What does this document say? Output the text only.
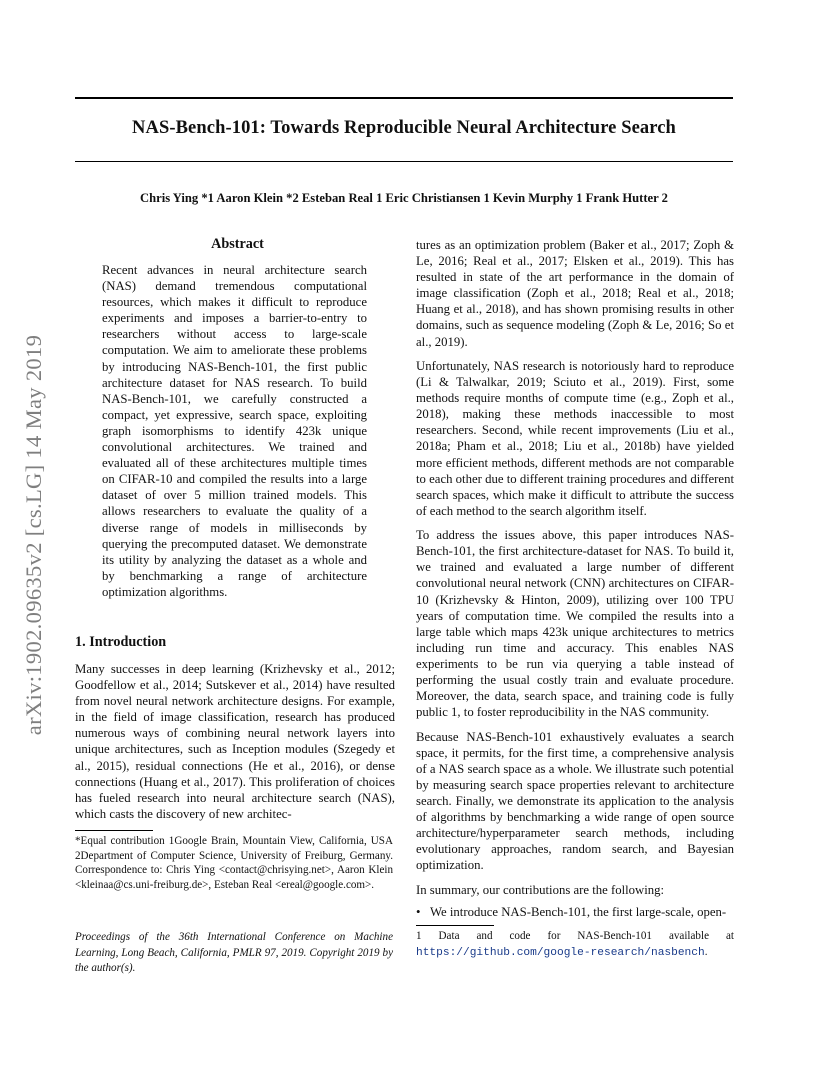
NAS-Bench-101: Towards Reproducible Neural Architecture Search
Chris Ying *1 Aaron Klein *2 Esteban Real 1 Eric Christiansen 1 Kevin Murphy 1 Frank Hutter 2
arXiv:1902.09635v2 [cs.LG] 14 May 2019
Abstract
Recent advances in neural architecture search (NAS) demand tremendous computational resources, which makes it difficult to reproduce experiments and imposes a barrier-to-entry to researchers without access to large-scale computation. We aim to ameliorate these problems by introducing NAS-Bench-101, the first public architecture dataset for NAS research. To build NAS-Bench-101, we carefully constructed a compact, yet expressive, search space, exploiting graph isomorphisms to identify 423k unique convolutional architectures. We trained and evaluated all of these architectures multiple times on CIFAR-10 and compiled the results into a large dataset of over 5 million trained models. This allows researchers to evaluate the quality of a diverse range of models in milliseconds by querying the precomputed dataset. We demonstrate its utility by analyzing the dataset as a whole and by benchmarking a range of architecture optimization algorithms.
1. Introduction
Many successes in deep learning (Krizhevsky et al., 2012; Goodfellow et al., 2014; Sutskever et al., 2014) have resulted from novel neural network architecture designs. For example, in the field of image classification, research has produced numerous ways of combining neural network layers into unique architectures, such as Inception modules (Szegedy et al., 2015), residual connections (He et al., 2016), or dense connections (Huang et al., 2017). This proliferation of choices has fueled research into neural architecture search (NAS), which casts the discovery of new architec-
*Equal contribution 1Google Brain, Mountain View, California, USA 2Department of Computer Science, University of Freiburg, Germany. Correspondence to: Chris Ying <contact@chrisying.net>, Aaron Klein <kleinaa@cs.uni-freiburg.de>, Esteban Real <ereal@google.com>.
Proceedings of the 36th International Conference on Machine Learning, Long Beach, California, PMLR 97, 2019. Copyright 2019 by the author(s).

tures as an optimization problem (Baker et al., 2017; Zoph & Le, 2016; Real et al., 2017; Elsken et al., 2019). This has resulted in state of the art performance in the domain of image classification (Zoph et al., 2018; Real et al., 2018; Huang et al., 2018), and has shown promising results in other domains, such as sequence modeling (Zoph & Le, 2016; So et al., 2019).

Unfortunately, NAS research is notoriously hard to reproduce (Li & Talwalkar, 2019; Sciuto et al., 2019). First, some methods require months of compute time (e.g., Zoph et al., 2018), making these methods inaccessible to most researchers. Second, while recent improvements (Liu et al., 2018a; Pham et al., 2018; Liu et al., 2018b) have yielded more efficient methods, different methods are not comparable to each other due to different training procedures and different search spaces, which make it difficult to attribute the success of each method to the search algorithm itself.

To address the issues above, this paper introduces NAS-Bench-101, the first architecture-dataset for NAS. To build it, we trained and evaluated a large number of different convolutional neural network (CNN) architectures on CIFAR-10 (Krizhevsky & Hinton, 2009), utilizing over 100 TPU years of computation time. We compiled the results into a large table which maps 423k unique architectures to metrics including run time and accuracy. This enables NAS experiments to be run via querying a table instead of performing the usual costly train and evaluate procedure. Moreover, the data, search space, and training code is fully public 1, to foster reproducibility in the NAS community.

Because NAS-Bench-101 exhaustively evaluates a search space, it permits, for the first time, a comprehensive analysis of a NAS search space as a whole. We illustrate such potential by measuring search space properties relevant to architecture search. Finally, we demonstrate its application to the analysis of algorithms by benchmarking a wide range of open source architecture/hyperparameter search methods, including evolutionary approaches, random search, and Bayesian optimization.

In summary, our contributions are the following:

• We introduce NAS-Bench-101, the first large-scale, open-
1 Data and code for NAS-Bench-101 available at https://github.com/google-research/nasbench.
